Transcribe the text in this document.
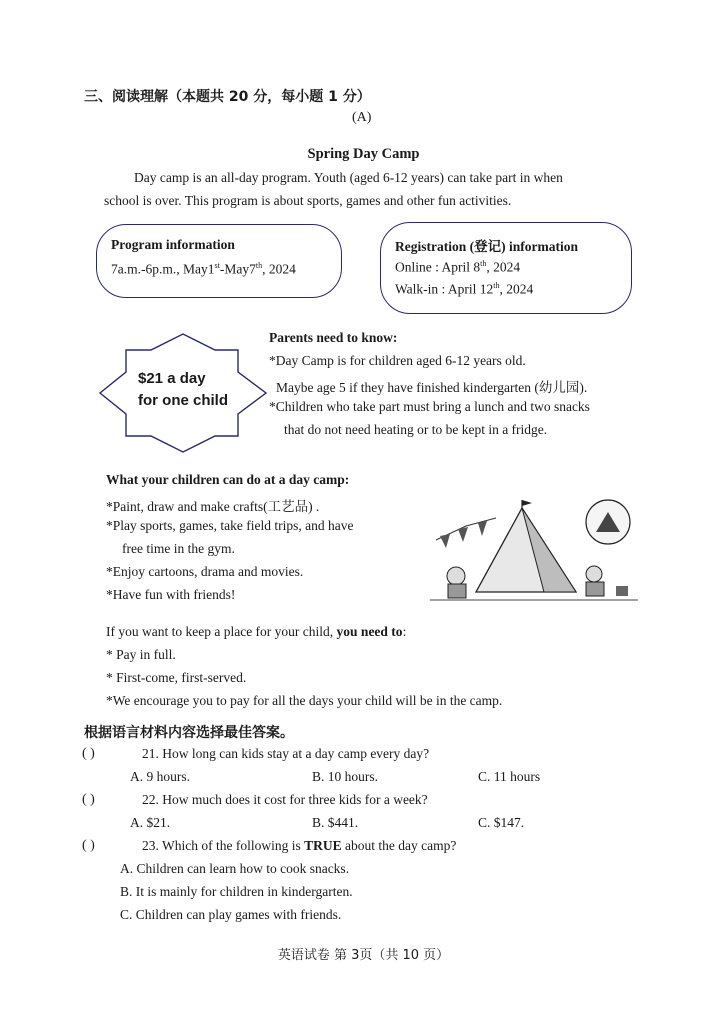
三、阅读理解（本题共 20 分，每小题 1 分）
(A)
Spring Day Camp
Day camp is an all-day program. Youth (aged 6-12 years) can take part in when
school is over. This program is about sports, games and other fun activities.
Program information
7a.m.-6p.m., May1st-May7th, 2024
Registration (登记) information
Online : April 8th, 2024
Walk-in : April 12th, 2024
$21 a day
for one child
Parents need to know:
*Day Camp is for children aged 6-12 years old.
Maybe age 5 if they have finished kindergarten (幼儿园).
*Children who take part must bring a lunch and two snacks
that do not need heating or to be kept in a fridge.
What your children can do at a day camp:
*Paint, draw and make crafts(工艺品) .
*Play sports, games, take field trips, and have
free time in the gym.
*Enjoy cartoons, drama and movies.
*Have fun with friends!
If you want to keep a place for your child, you need to:
* Pay in full.
* First-come, first-served.
*We encourage you to pay for all the days your child will be in the camp.
根据语言材料内容选择最佳答案。
( )	21. How long can kids stay at a day camp every day?
A. 9 hours.	B. 10 hours.	C. 11 hours
( )	22. How much does it cost for three kids for a week?
A. $21.	B. $441.	C. $147.
( )	23. Which of the following is TRUE about the day camp?
A. Children can learn how to cook snacks.
B. It is mainly for children in kindergarten.
C. Children can play games with friends.
英语试卷 第 3页（共 10 页）
